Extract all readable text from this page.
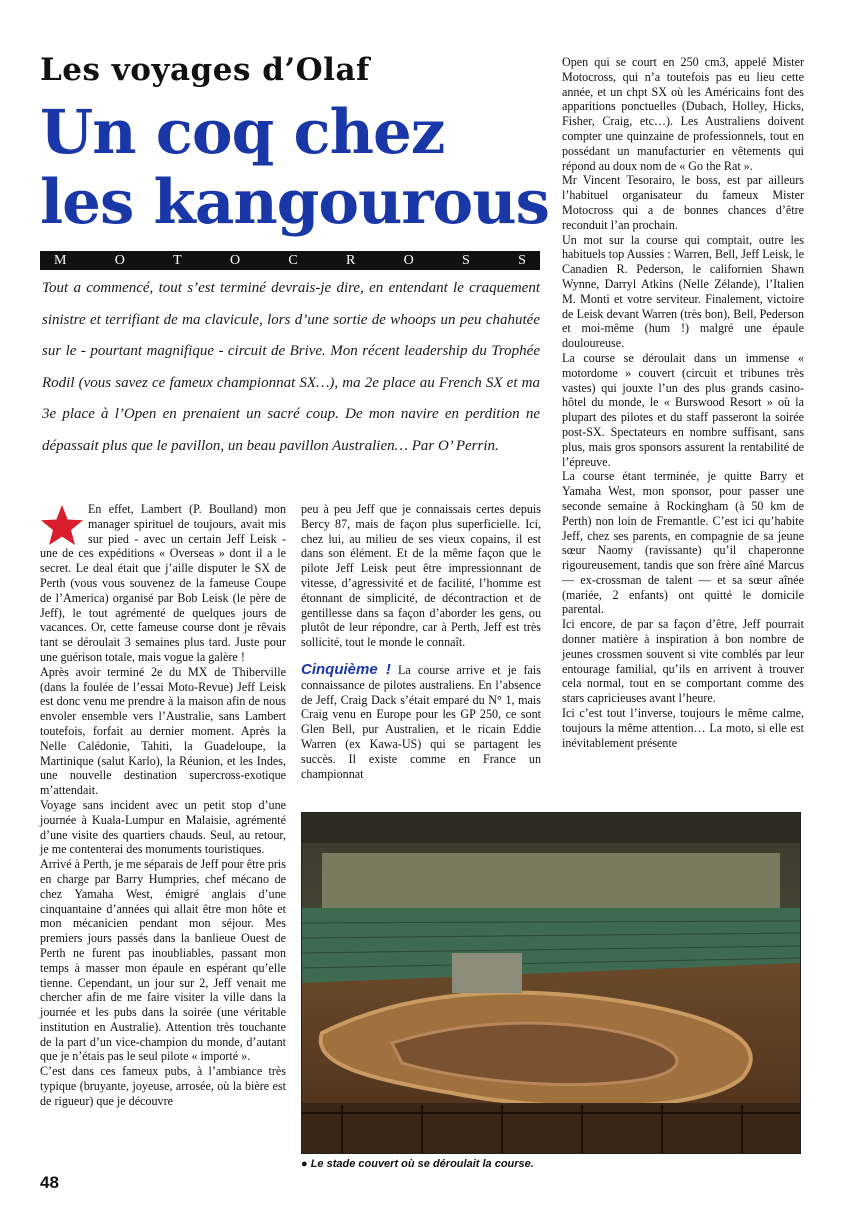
Les voyages d’Olaf
Un coq chez
les kangourous
M	O	T	O	C	R	O	S	S
Tout a commencé, tout s’est terminé devrais-je dire, en entendant le craquement sinistre et terrifiant de ma clavicule, lors d’une sortie de whoops un peu chahutée sur le - pourtant magnifique - circuit de Brive. Mon récent leadership du Trophée Rodil (vous savez ce fameux championnat SX…), ma 2e place au French SX et ma 3e place à l’Open en prenaient un sacré coup. De mon navire en perdition ne dépassait plus que le pavillon, un beau pavillon Australien… Par O’ Perrin.

En effet, Lambert (P. Boulland) mon manager spirituel de toujours, avait mis sur pied - avec un certain Jeff Leisk - une de ces expéditions « Overseas » dont il a le secret. Le deal était que j’aille disputer le SX de Perth (vous vous souvenez de la fameuse Coupe de l’America) organisé par Bob Leisk (le père de Jeff), le tout agrémenté de quelques jours de vacances. Or, cette fameuse course dont je rêvais tant se déroulait 3 semaines plus tard. Juste pour une guérison totale, mais vogue la galère !

Après avoir terminé 2e du MX de Thiberville (dans la foulée de l’essai Moto-Revue) Jeff Leisk est donc venu me prendre à la maison afin de nous envoler ensemble vers l’Australie, sans Lambert toutefois, forfait au dernier moment. Après la Nelle Calédonie, Tahiti, la Guadeloupe, la Martinique (salut Karlo), la Réunion, et les Indes, une nouvelle destination supercross-exotique m’attendait.

Voyage sans incident avec un petit stop d’une journée à Kuala-Lumpur en Malaisie, agrémenté d’une visite des quartiers chauds. Seul, au retour, je me contenterai des monuments touristiques.

Arrivé à Perth, je me séparais de Jeff pour être pris en charge par Barry Humpries, chef mécano de chez Yamaha West, émigré anglais d’une cinquantaine d’années qui allait être mon hôte et mon mécanicien pendant mon séjour. Mes premiers jours passés dans la banlieue Ouest de Perth ne furent pas inoubliables, passant mon temps à masser mon épaule en espérant qu’elle tienne. Cependant, un jour sur 2, Jeff venait me chercher afin de me faire visiter la ville dans la journée et les pubs dans la soirée (une véritable institution en Australie). Attention très touchante de la part d’un vice-champion du monde, d’autant que je n’étais pas le seul pilote « importé ».

C’est dans ces fameux pubs, à l’ambiance très typique (bruyante, joyeuse, arrosée, où la bière est de rigueur) que je découvre

peu à peu Jeff que je connaissais certes depuis Bercy 87, mais de façon plus superficielle. Ici, chez lui, au milieu de ses vieux copains, il est dans son élément. Et de la même façon que le pilote Jeff Leisk peut être impressionnant de vitesse, d’agressivité et de facilité, l’homme est étonnant de simplicité, de décontraction et de gentillesse dans sa façon d’aborder les gens, ou plutôt de leur répondre, car à Perth, Jeff est très sollicité, tout le monde le connaît.

Cinquième ! La course arrive et je fais connaissance de pilotes australiens. En l’absence de Jeff, Craig Dack s’était emparé du N° 1, mais Craig venu en Europe pour les GP 250, ce sont Glen Bell, pur Australien, et le ricain Eddie Warren (ex Kawa-US) qui se partagent les succès. Il existe comme en France un championnat

Open qui se court en 250 cm3, appelé Mister Motocross, qui n’a toutefois pas eu lieu cette année, et un chpt SX où les Américains font des apparitions ponctuelles (Dubach, Holley, Hicks, Fisher, Craig, etc…). Les Australiens doivent compter une quinzaine de professionnels, tout en possédant un manufacturier en vêtements qui répond au doux nom de « Go the Rat ».

Mr Vincent Tesorairo, le boss, est par ailleurs l’habituel organisateur du fameux Mister Motocross qui a de bonnes chances d’être reconduit l’an prochain.

Un mot sur la course qui comptait, outre les habituels top Aussies : Warren, Bell, Jeff Leisk, le Canadien R. Pederson, le californien Shawn Wynne, Darryl Atkins (Nelle Zélande), l’Italien M. Monti et votre serviteur. Finalement, victoire de Leisk devant Warren (très bon), Bell, Pederson et moi-même (hum !) malgré une épaule douloureuse.

La course se déroulait dans un immense « motordome » couvert (circuit et tribunes très vastes) qui jouxte l’un des plus grands casino-hôtel du monde, le « Burswood Resort » où la plupart des pilotes et du staff passeront la soirée post-SX. Spectateurs en nombre suffisant, sans plus, mais gros sponsors assurent la rentabilité de l’épreuve.

La course étant terminée, je quitte Barry et Yamaha West, mon sponsor, pour passer une seconde semaine à Rockingham (à 50 km de Perth) non loin de Fremantle. C’est ici qu’habite Jeff, chez ses parents, en compagnie de sa jeune sœur Naomy (ravissante) qu’il chaperonne rigoureusement, tandis que son frère aîné Marcus — ex-crossman de talent — et sa sœur aînée (mariée, 2 enfants) ont quitté le domicile parental.

Ici encore, de par sa façon d’être, Jeff pourrait donner matière à inspiration à bon nombre de jeunes crossmen souvent si vite comblés par leur entourage familial, qu’ils en arrivent à trouver cela normal, tout en se comportant comme des stars capricieuses avant l’heure.

Ici c’est tout l’inverse, toujours le même calme, toujours la même attention… La moto, si elle est inévitablement présente

● Le stade couvert où se déroulait la course.
48
